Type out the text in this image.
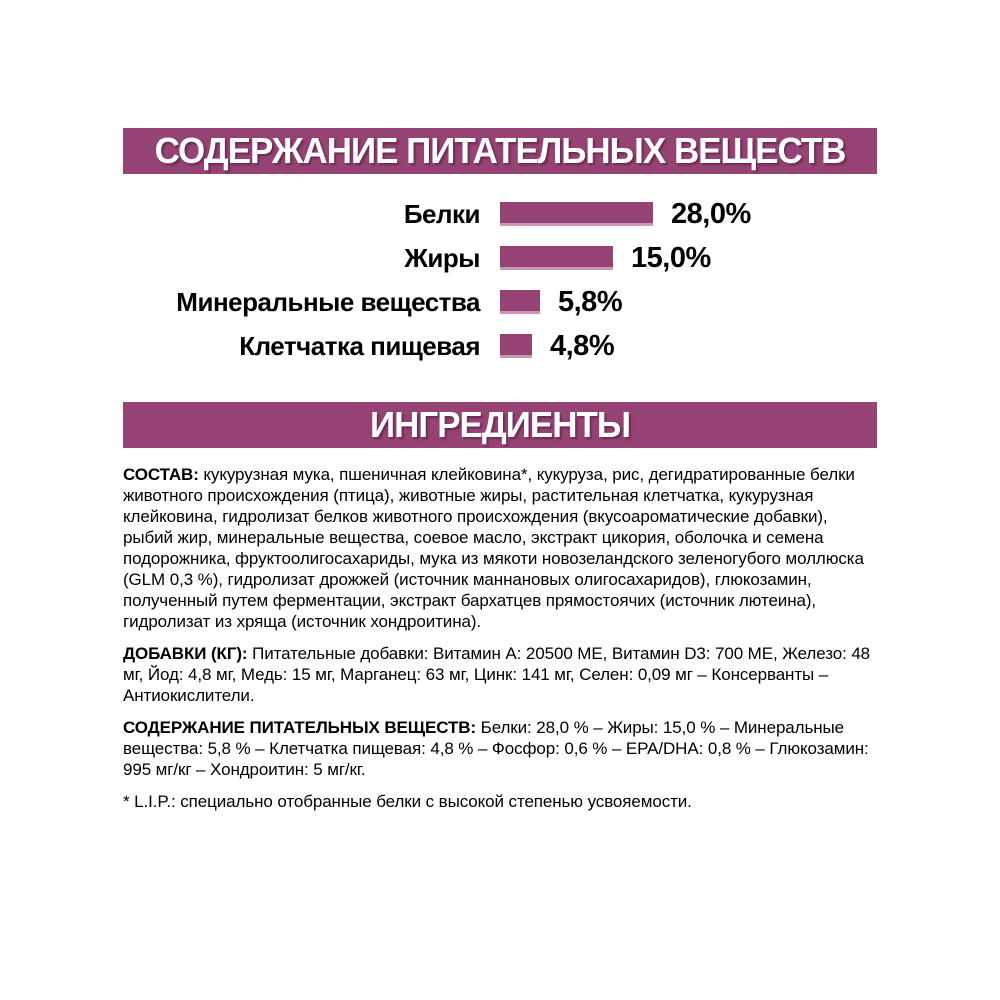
СОДЕРЖАНИЕ ПИТАТЕЛЬНЫХ ВЕЩЕСТВ
Белки	28,0%
Жиры	15,0%
Минеральные вещества	5,8%
Клетчатка пищевая 4,8%
ИНГРЕДИЕНТЫ

СОСТАВ: кукурузная мука, пшеничная клейковина*, кукуруза, рис, дегидратированные белки животного происхождения (птица), животные жиры, растительная клетчатка, кукурузная клейковина, гидролизат белков животного происхождения (вкусоароматические добавки), рыбий жир, минеральные вещества, соевое масло, экстракт цикория, оболочка и семена подорожника, фруктоолигосахариды, мука из мякоти новозеландского зеленогубого моллюска (GLM 0,3 %), гидролизат дрожжей (источник маннановых олигосахаридов), глюкозамин, полученный путем ферментации, экстракт бархатцев прямостоячих (источник лютеина), гидролизат из хряща (источник хондроитина).

ДОБАВКИ (КГ): Питательные добавки: Витамин A: 20500 МЕ, Витамин D3: 700 МЕ, Железо: 48 мг, Йод: 4,8 мг, Медь: 15 мг, Марганец: 63 мг, Цинк: 141 мг, Селен: 0,09 мг – Консерванты – Антиокислители.

СОДЕРЖАНИЕ ПИТАТЕЛЬНЫХ ВЕЩЕСТВ: Белки: 28,0 % – Жиры: 15,0 % – Минеральные вещества: 5,8 % – Клетчатка пищевая: 4,8 % – Фосфор: 0,6 % – EPA/DHA: 0,8 % – Глюкозамин: 995 мг/кг – Хондроитин: 5 мг/кг.

* L.I.P.: специально отобранные белки с высокой степенью усвояемости.
